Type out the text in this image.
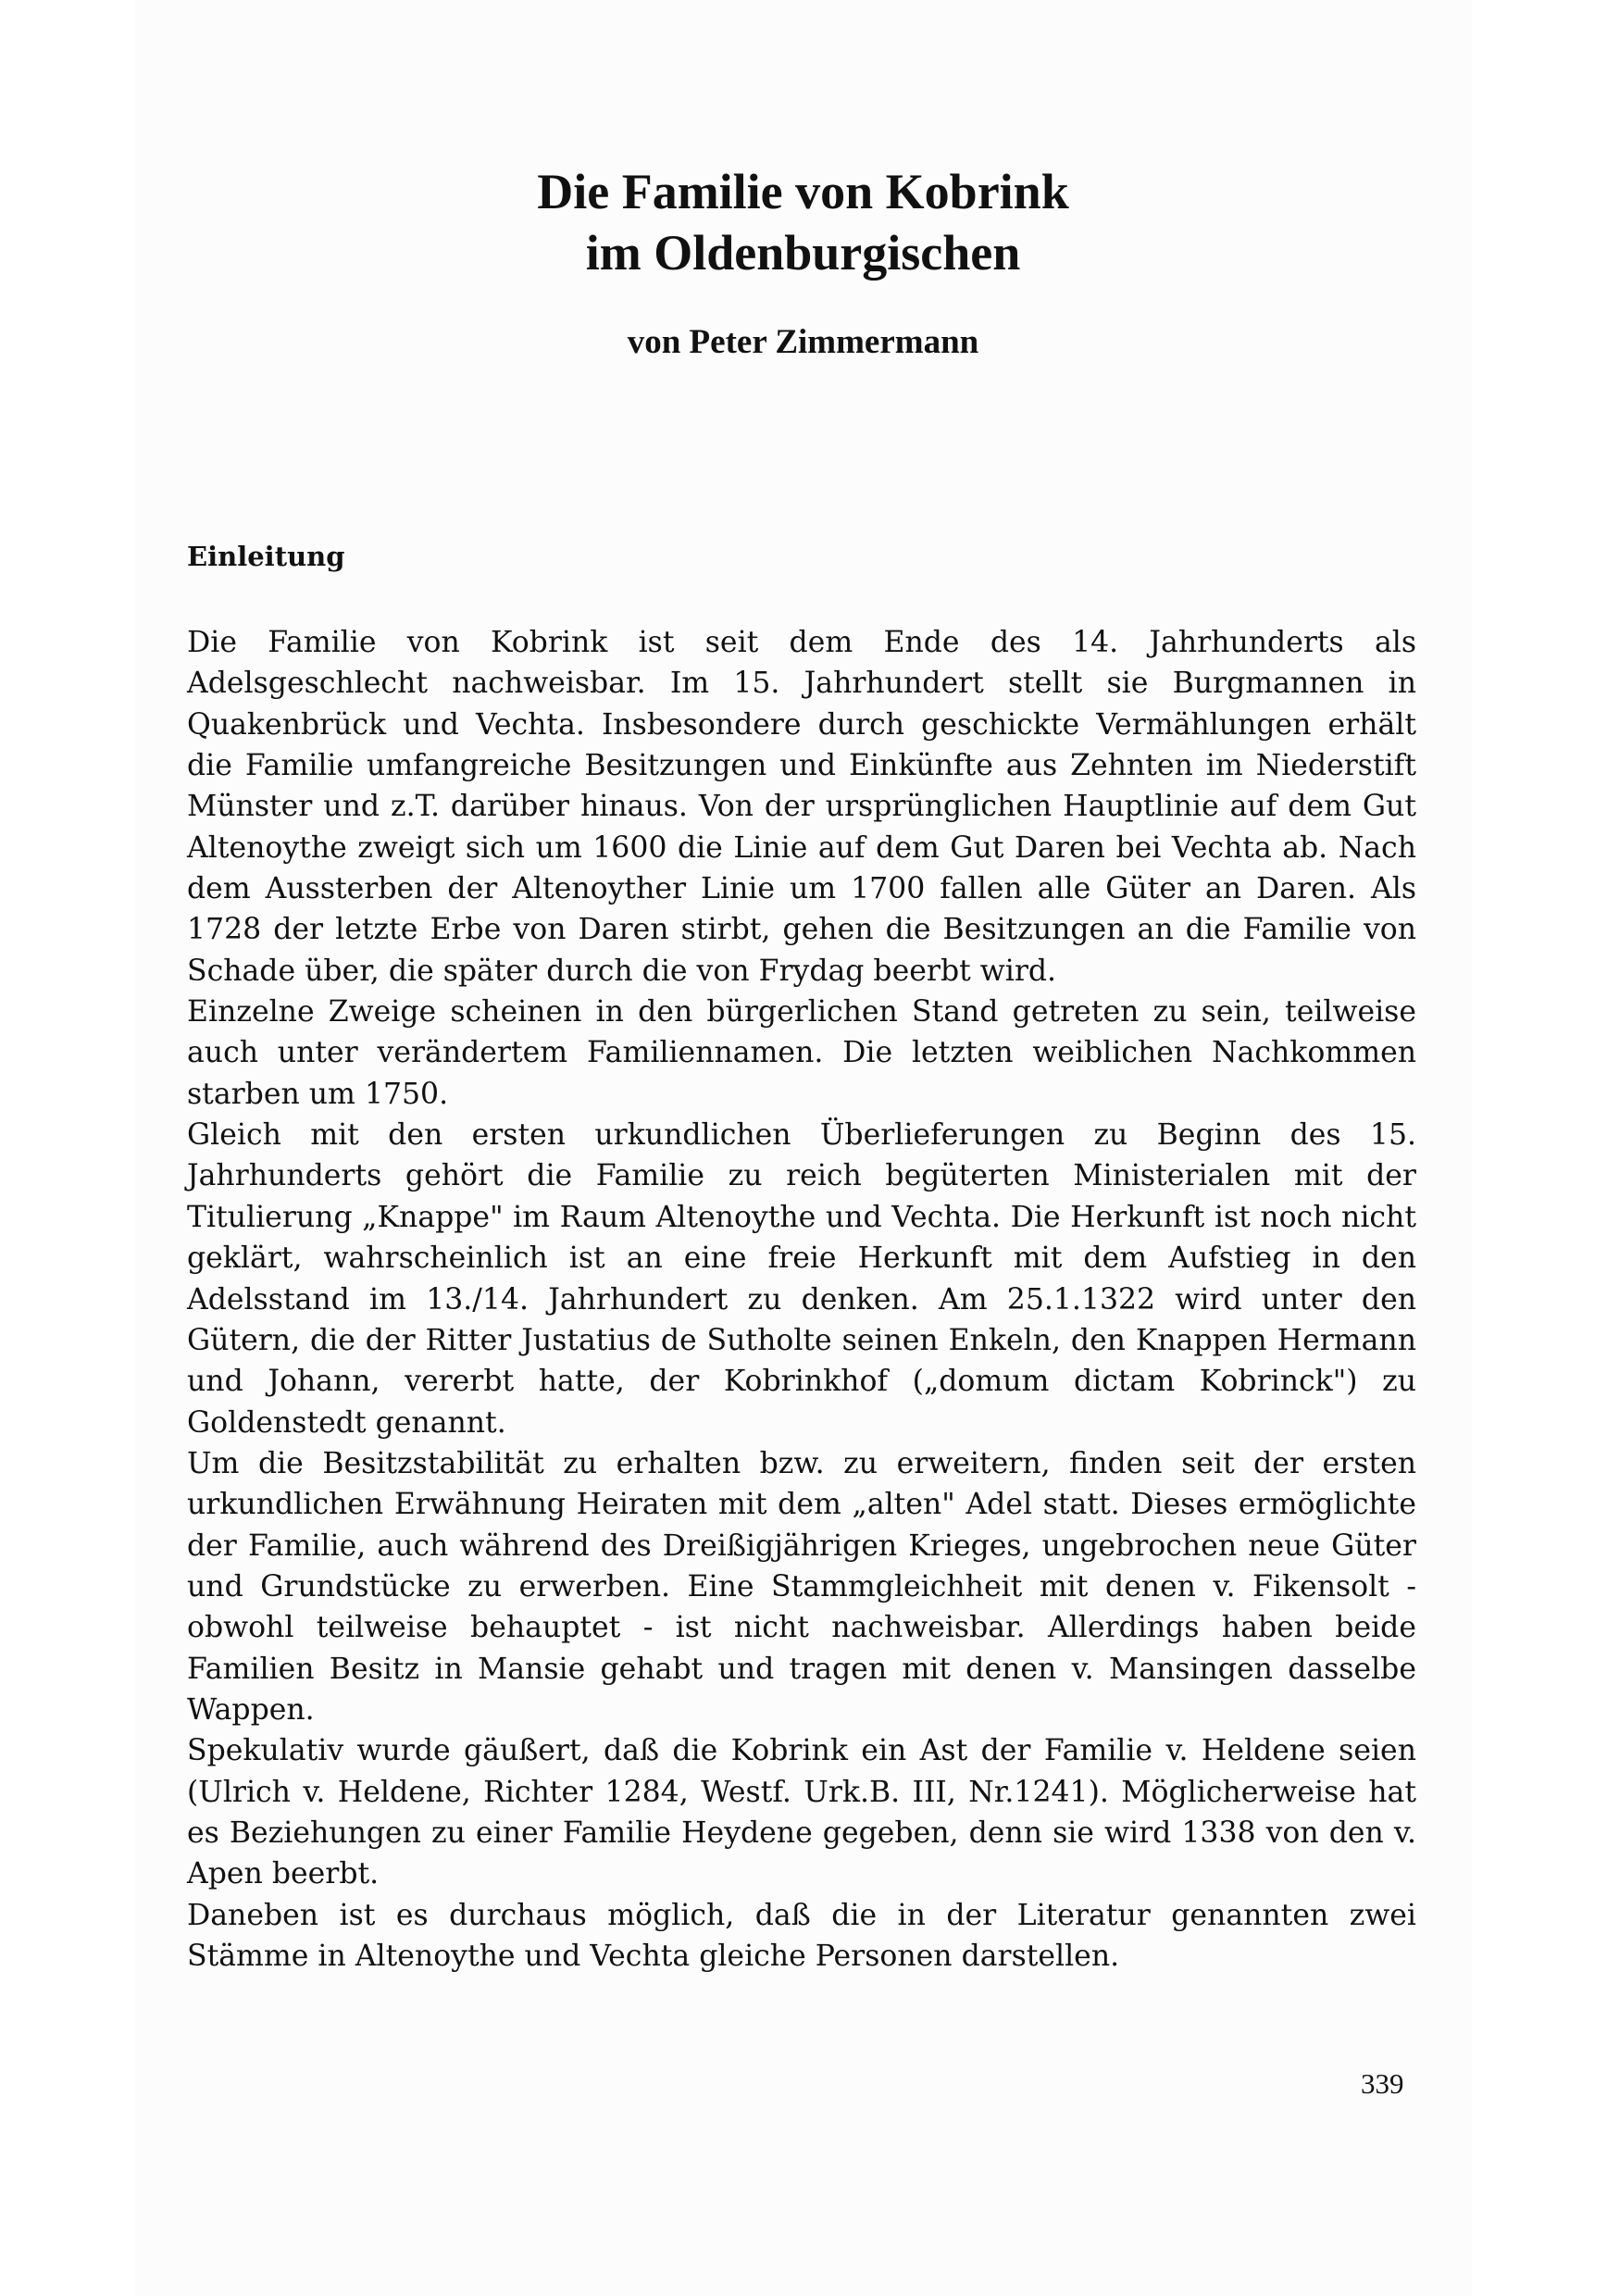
Die Familie von Kobrink
im Oldenburgischen
von Peter Zimmermann
Einleitung

Die Familie von Kobrink ist seit dem Ende des 14. Jahrhunderts als Adelsgeschlecht nachweisbar. Im 15. Jahrhundert stellt sie Burgmannen in Quakenbrück und Vechta. Insbesondere durch geschickte Vermählungen erhält die Familie umfangreiche Besitzungen und Einkünfte aus Zehnten im Niederstift Münster und z.T. darüber hinaus. Von der ursprünglichen Hauptlinie auf dem Gut Altenoythe zweigt sich um 1600 die Linie auf dem Gut Daren bei Vechta ab. Nach dem Aussterben der Altenoyther Linie um 1700 fallen alle Güter an Daren. Als 1728 der letzte Erbe von Daren stirbt, gehen die Besitzungen an die Familie von Schade über, die später durch die von Frydag beerbt wird.

Einzelne Zweige scheinen in den bürgerlichen Stand getreten zu sein, teilweise auch unter verändertem Familiennamen. Die letzten weiblichen Nachkommen starben um 1750.

Gleich mit den ersten urkundlichen Überlieferungen zu Beginn des 15. Jahrhunderts gehört die Familie zu reich begüterten Ministerialen mit der Titulierung „Knappe" im Raum Altenoythe und Vechta. Die Herkunft ist noch nicht geklärt, wahrscheinlich ist an eine freie Herkunft mit dem Aufstieg in den Adelsstand im 13./14. Jahrhundert zu denken. Am 25.1.1322 wird unter den Gütern, die der Ritter Justatius de Sutholte seinen Enkeln, den Knappen Hermann und Johann, vererbt hatte, der Kobrinkhof („domum dictam Kobrinck") zu Goldenstedt genannt.

Um die Besitzstabilität zu erhalten bzw. zu erweitern, finden seit der ersten urkundlichen Erwähnung Heiraten mit dem „alten" Adel statt. Dieses ermöglichte der Familie, auch während des Dreißigjährigen Krieges, ungebrochen neue Güter und Grundstücke zu erwerben. Eine Stammgleichheit mit denen v. Fikensolt - obwohl teilweise behauptet - ist nicht nachweisbar. Allerdings haben beide Familien Besitz in Mansie gehabt und tragen mit denen v. Mansingen dasselbe Wappen.

Spekulativ wurde gäußert, daß die Kobrink ein Ast der Familie v. Heldene seien (Ulrich v. Heldene, Richter 1284, Westf. Urk.B. III, Nr.1241). Möglicherweise hat es Beziehungen zu einer Familie Heydene gegeben, denn sie wird 1338 von den v. Apen beerbt.

Daneben ist es durchaus möglich, daß die in der Literatur genannten zwei Stämme in Altenoythe und Vechta gleiche Personen darstellen.

339
